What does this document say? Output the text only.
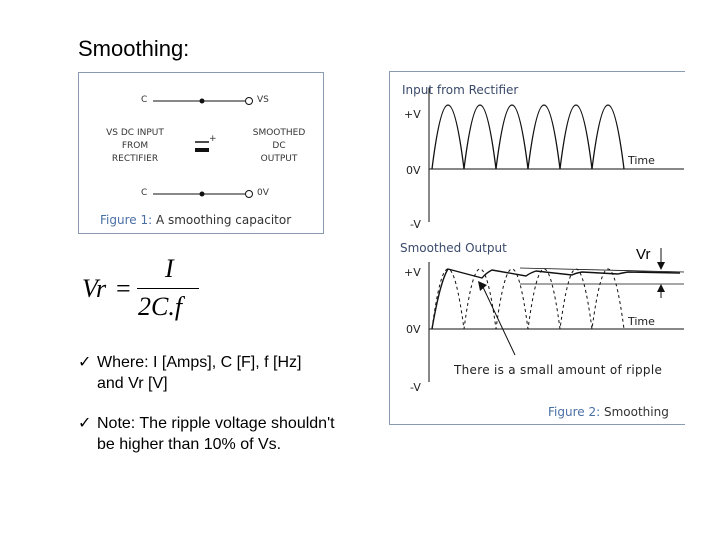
Smoothing:
C	VS
C	0V
+
VS DC INPUT
FROM
RECTIFIER
SMOOTHED
DC
OUTPUT
Figure 1: A smoothing capacitor
Input from Rectifier
+V
0V
-V
Time
Smoothed Output
+V
0V
-V
Time
There is a small amount of ripple
Figure 2: Smoothing
Vr
Vr =
I
2C.f
✓ Where: I [Amps], C [F], f [Hz]
and Vr [V]
✓ Note: The ripple voltage shouldn't
be higher than 10% of Vs.
